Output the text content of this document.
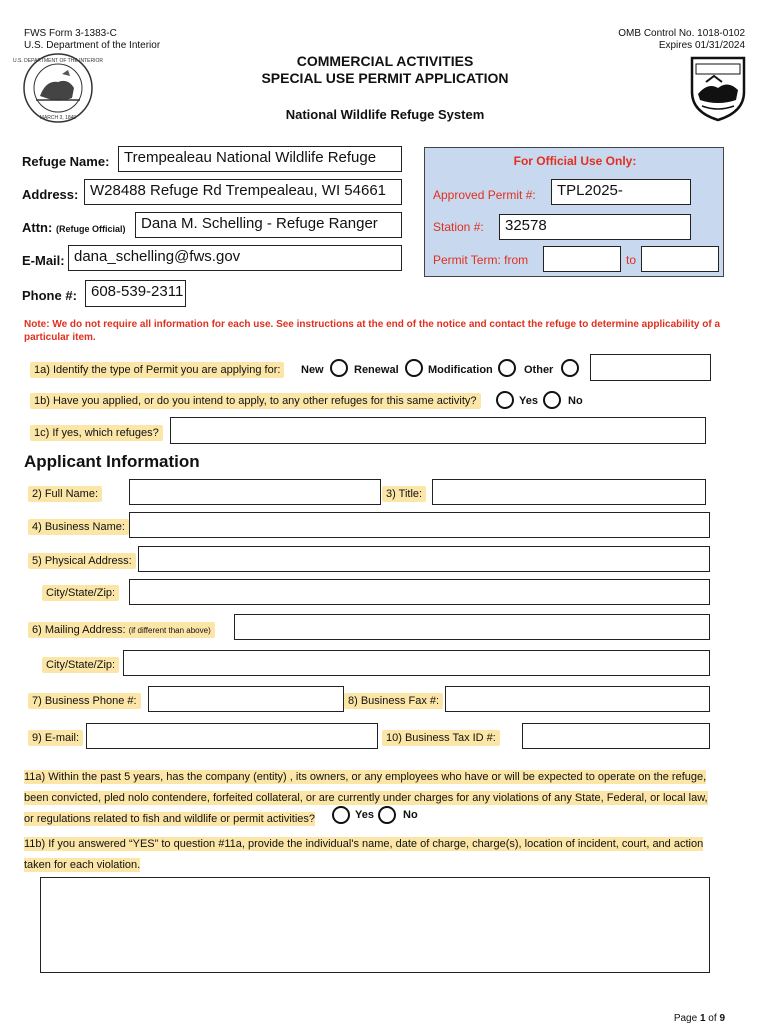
FWS Form 3-1383-C
U.S. Department of the Interior
OMB Control No. 1018-0102
Expires 01/31/2024
U.S. DEPARTMENT OF THE INTERIOR
MARCH 3, 1849
COMMERCIAL ACTIVITIES
SPECIAL USE PERMIT APPLICATION
National Wildlife Refuge System
Refuge Name: Trempealeau National Wildlife Refuge
Address: W28488 Refuge Rd Trempealeau, WI 54661
Attn: (Refuge Official)	Dana M. Schelling - Refuge Ranger
E-Mail: dana_schelling@fws.gov
Phone #: 608-539-2311
For Official Use Only:
Approved Permit #:	TPL2025-
Station #:	32578
Permit Term: from	to
Note: We do not require all information for each use. See instructions at the end of the notice and contact the refuge to determine applicability of a particular item.
1a) Identify the type of Permit you are applying for:	New	Renewal	Modification	Other
1b) Have you applied, or do you intend to apply, to any other refuges for this same activity?	Yes	No
1c) If yes, which refuges?
Applicant Information
2) Full Name:	3) Title:
4) Business Name:
5) Physical Address:
City/State/Zip:
6) Mailing Address: (if different than above)
City/State/Zip:
7) Business Phone #:	8) Business Fax #:
9) E-mail:	10) Business Tax ID #:
11a) Within the past 5 years, has the company (entity) , its owners, or any employees who have or will be expected to operate on the refuge,
been convicted, pled nolo contendere, forfeited collateral, or are currently under charges for any violations of any State, Federal, or local law,
or regulations related to fish and wildlife or permit activities?	Yes	No
11b) If you answered “YES” to question #11a, provide the individual's name, date of charge, charge(s), location of incident, court, and action
taken for each violation.
Page 1 of 9
